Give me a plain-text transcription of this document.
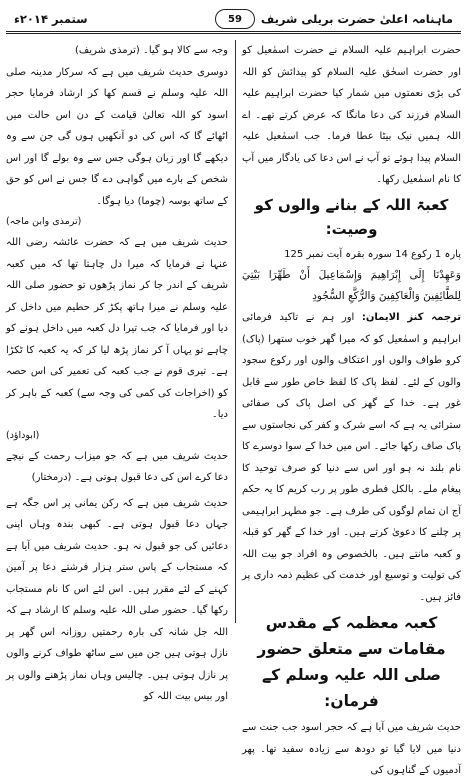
ستمبر ۲۰۱۴ء	ماہنامہ اعلیٰ حضرت بریلی شریف
59

حضرت ابراہیم علیہ السلام نے حضرت اسمٰعیل کو اور حضرت اسحٰق علیہ السلام کو پیدائش کو اللہ کی بڑی نعمتوں میں شمار کیا حضرت ابراہیم علیہ السلام فرزند کی دعا مانگا کہ عرض کرتے تھے۔ اے اللہ ہمیں نیک بیٹا عطا فرما۔ جب اسمٰعیل علیہ السلام پیدا ہوئے تو آپ نے اس دعا کی یادگار میں آپ کا نام اسمٰعیل رکھا۔

کعبۃ اللہ کے بنانے والوں کو وصیت:

پارہ 1 رکوع 14 سورہ بقرہ آیت نمبر 125

وَعَهِدْنَا إِلَى إِبْرَاهِيمَ وَإِسْمَاعِيلَ أَنْ طَهِّرَا بَيْتِيَ لِلطَّائِفِينَ وَالْعَاكِفِينَ وَالرُّكَّعِ السُّجُودِ

ترجمہ کنز الایمان: اور ہم نے تاکید فرمائی ابراہیم و اسمٰعیل کو کہ میرا گھر خوب ستھرا (پاک) کرو طواف والوں اور اعتکاف والوں اور رکوع سجود والوں کے لئے۔ لفظ پاک کا لفظ خاص طور سے قابل غور ہے۔ خدا کے گھر کی اصل پاک کی صفائی سترائی یہ ہے کہ اسے شرک و کفر کی نجاستوں سے پاک صاف رکھا جائے۔ اس میں خدا کے سوا دوسرے کا نام بلند نہ ہو اور اس سے دنیا کو صرف توحید کا پیغام ملے۔ بالکل فطری طور پر رب کریم کا یہ حکم آج ان تمام لوگوں کی طرف ہے۔ جو مطہر ابراہیمی پر چلنے کا دعویٰ کرتے ہیں۔ اور خدا کے گھر کو قبلہ و کعبہ مانتے ہیں۔ بالخصوص وہ افراد جو بیت اللہ کی تولیت و توسیع اور خدمت کی عظیم ذمہ داری پر فائز ہیں۔

کعبہ معظمہ کے مقدس مقامات سے متعلق حضور صلی اللہ علیہ وسلم کے فرمان:

حدیث شریف میں آیا ہے کہ حجر اسود جب جنت سے دنیا میں لایا گیا تو دودھ سے زیادہ سفید تھا۔ پھر آدمیوں کے گناہوں کی

وجہ سے کالا ہو گیا۔ (ترمذی شریف)

دوسری حدیث شریف میں ہے کہ سرکار مدینہ صلی اللہ علیہ وسلم نے قسم کھا کر ارشاد فرمایا حجر اسود کو اللہ تعالیٰ قیامت کے دن اس حالت میں اٹھائے گا کہ اس کی دو آنکھیں ہوں گی جن سے وہ دیکھے گا اور زبان ہوگی جس سے وہ بولے گا اور اس شخص کے بارے میں گواہی دے گا جس نے اس کو حق کے ساتھ بوسہ (چوما) دیا ہوگا۔

(ترمذی وابن ماجہ)

حدیث شریف میں ہے کہ حضرت عائشہ رضی اللہ عنہا نے فرمایا کہ میرا دل چاہتا تھا کہ میں کعبہ شریف کے اندر جا کر نماز پڑھوں تو حضور صلی اللہ علیہ وسلم نے میرا ہاتھ پکڑ کر حطیم میں داخل کر دیا اور فرمایا کہ جب تیرا دل کعبہ میں داخل ہونے کو چاہے تو یہاں آ کر نماز پڑھ لیا کر کہ یہ کعبہ کا ٹکڑا ہے۔ تیری قوم نے جب کعبہ کی تعمیر کی اس حصہ کو (اخراجات کی کمی کی وجہ سے) کعبہ کے باہر کر دیا۔

(ابوداؤد)

حدیث شریف میں ہے کہ جو میزاب رحمت کے نیچے دعا کرے اس کی دعا قبول ہوتی ہے۔ (درمختار)

حدیث شریف میں ہے کہ رکن یمانی پر اس جگہ ہے جہاں دعا قبول ہوتی ہے۔ کبھی بندہ وہاں اپنی دعائیں کی جو قبول نہ ہو۔ حدیث شریف میں آیا ہے کہ مستجاب کے پاس ستر ہزار فرشتے دعا پر آمین کہنے کے لئے مقرر ہیں۔ اس لئے اس کا نام مستجاب رکھا گیا۔ حضور صلی اللہ علیہ وسلم کا ارشاد ہے کہ اللہ جل شانہ کی بارہ رحمتیں روزانہ اس گھر پر نازل ہوتی ہیں جن میں سے ساٹھ طواف کرنے والوں پر نازل ہوتی ہیں۔ چالیس وہاں نماز پڑھنے والوں پر اور بیس بیت اللہ کو
